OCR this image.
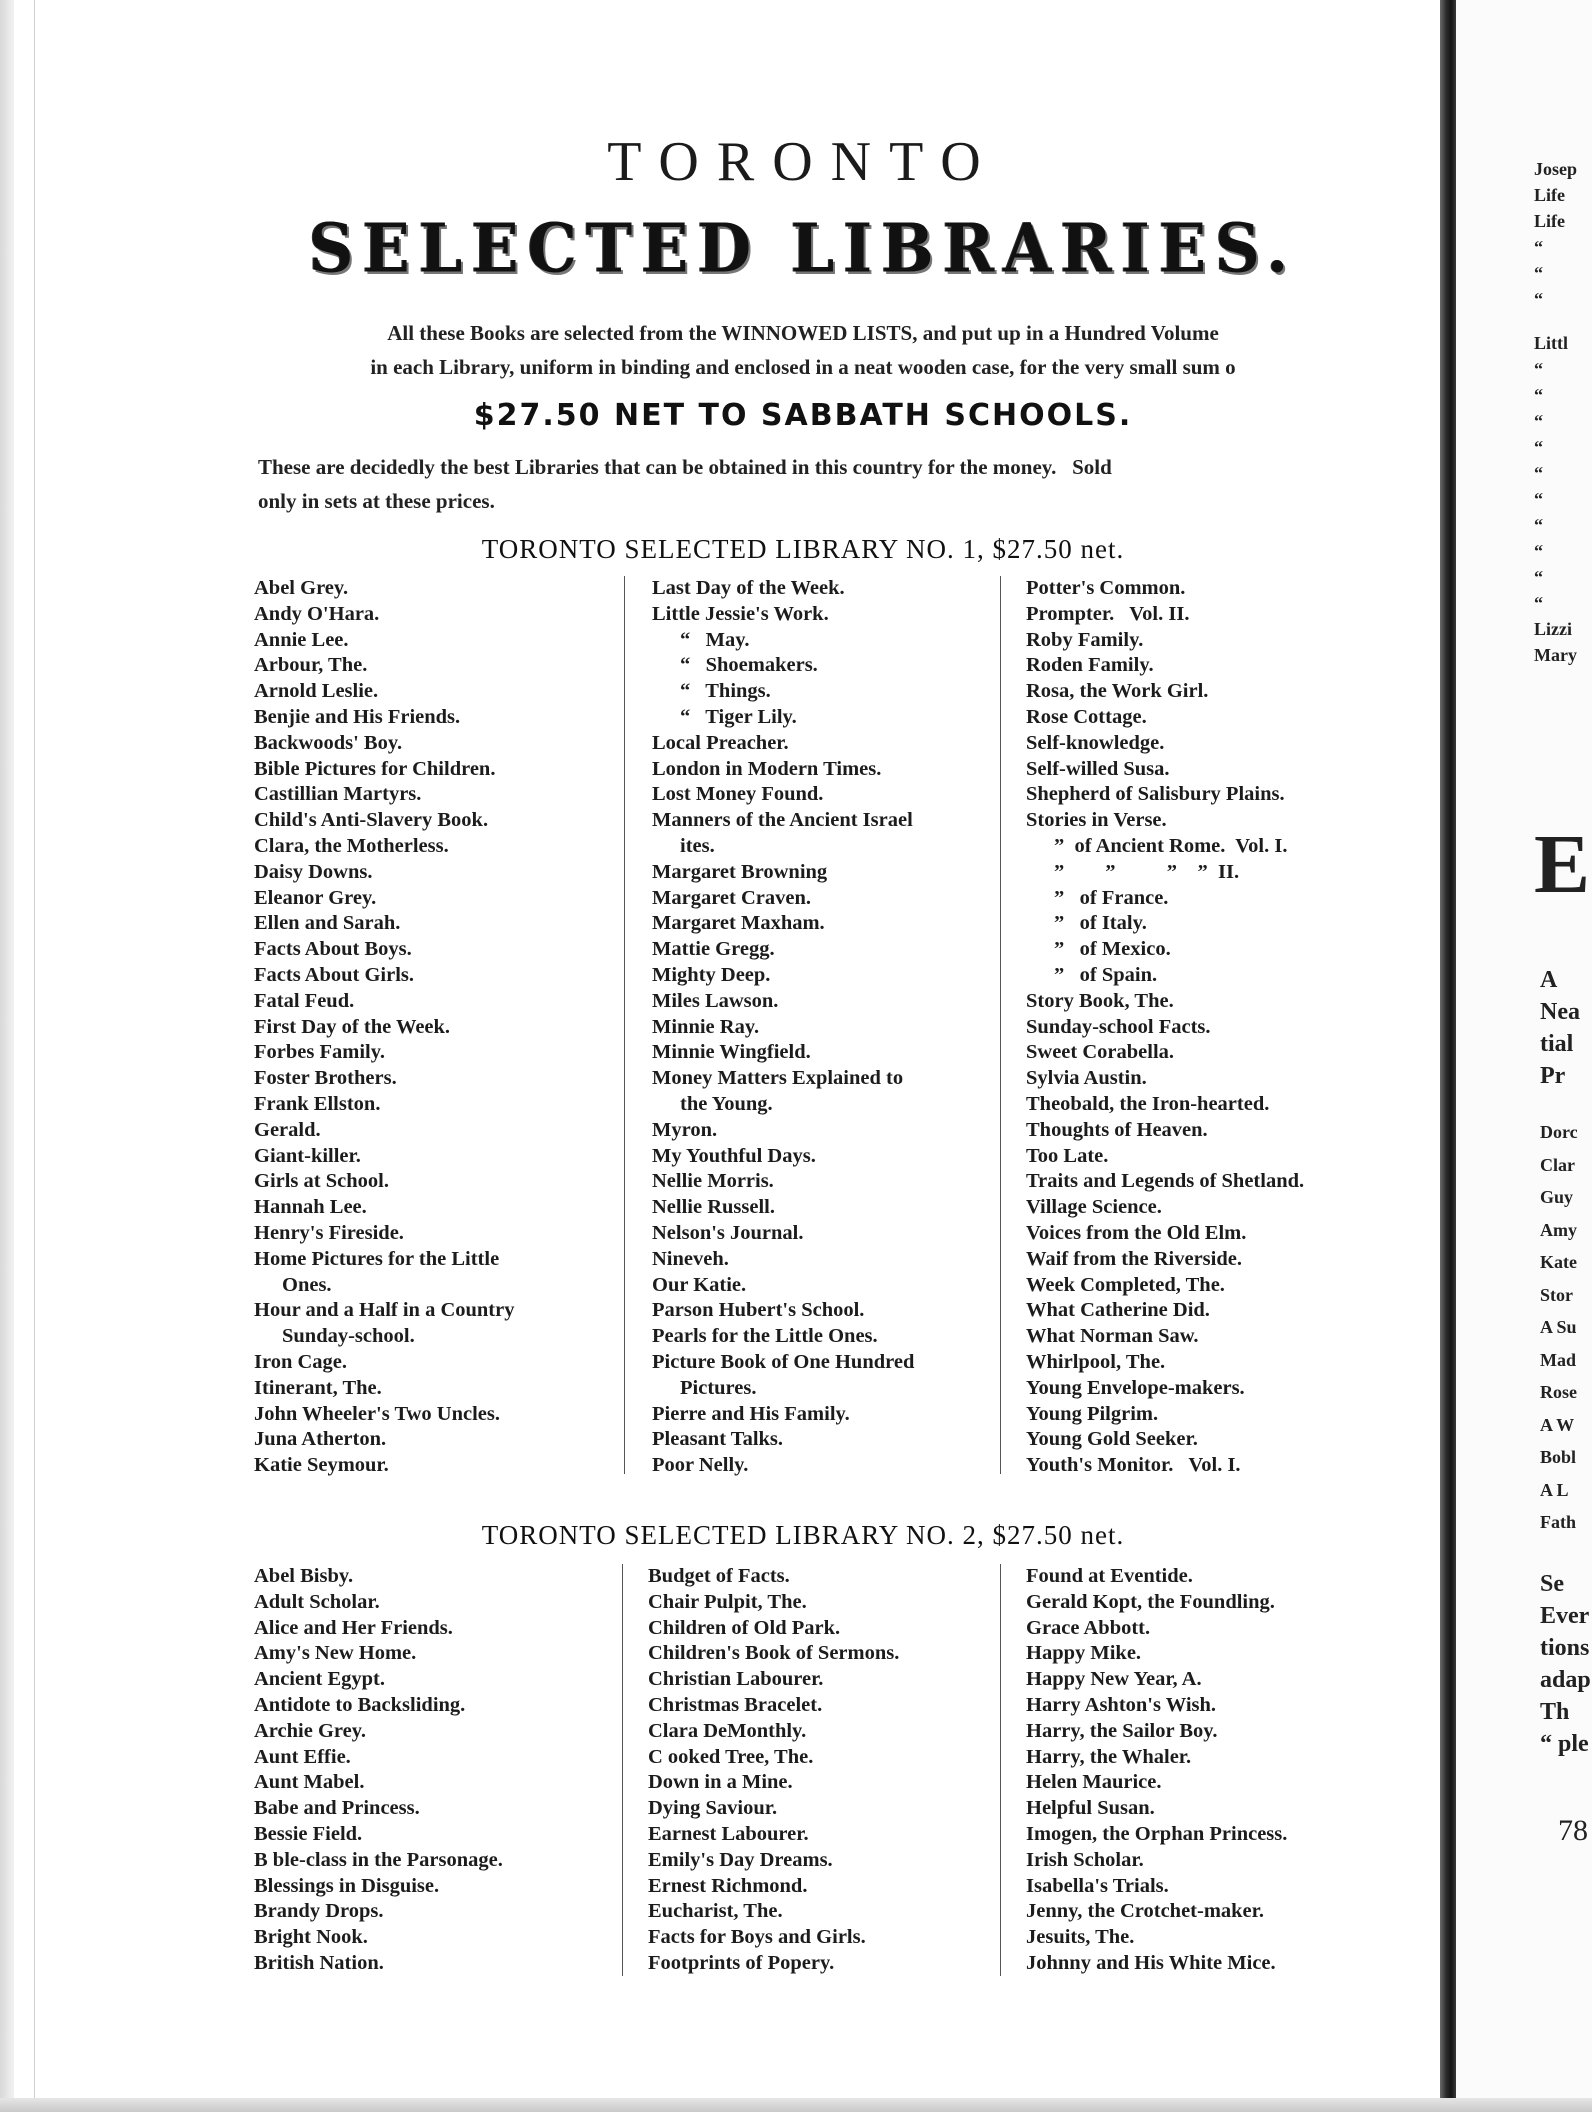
TORONTO
SELECTED LIBRARIES.
All these Books are selected from the WINNOWED LISTS, and put up in a Hundred Volume
in each Library, uniform in binding and enclosed in a neat wooden case, for the very small sum o
$27.50 NET TO SABBATH SCHOOLS.
These are decidedly the best Libraries that can be obtained in this country for the money.   Sold
only in sets at these prices.
TORONTO SELECTED LIBRARY NO. 1, $27.50 net.
Abel Grey.
Andy O'Hara.
Annie Lee.
Arbour, The.
Arnold Leslie.
Benjie and His Friends.
Backwoods' Boy.
Bible Pictures for Children.
Castillian Martyrs.
Child's Anti-Slavery Book.
Clara, the Motherless.
Daisy Downs.
Eleanor Grey.
Ellen and Sarah.
Facts About Boys.
Facts About Girls.
Fatal Feud.
First Day of the Week.
Forbes Family.
Foster Brothers.
Frank Ellston.
Gerald.
Giant-killer.
Girls at School.
Hannah Lee.
Henry's Fireside.
Home Pictures for the Little
Ones.
Hour and a Half in a Country
Sunday-school.
Iron Cage.
Itinerant, The.
John Wheeler's Two Uncles.
Juna Atherton.
Katie Seymour.
Last Day of the Week.
Little Jessie's Work.
“   May.
“   Shoemakers.
“   Things.
“   Tiger Lily.
Local Preacher.
London in Modern Times.
Lost Money Found.
Manners of the Ancient Israel
ites.
Margaret Browning
Margaret Craven.
Margaret Maxham.
Mattie Gregg.
Mighty Deep.
Miles Lawson.
Minnie Ray.
Minnie Wingfield.
Money Matters Explained to
the Young.
Myron.
My Youthful Days.
Nellie Morris.
Nellie Russell.
Nelson's Journal.
Nineveh.
Our Katie.
Parson Hubert's School.
Pearls for the Little Ones.
Picture Book of One Hundred
Pictures.
Pierre and His Family.
Pleasant Talks.
Poor Nelly.
Potter's Common.
Prompter.   Vol. II.
Roby Family.
Roden Family.
Rosa, the Work Girl.
Rose Cottage.
Self-knowledge.
Self-willed Susa.
Shepherd of Salisbury Plains.
Stories in Verse.
”  of Ancient Rome.  Vol. I.
”        ”          ”    ”  II.
”   of France.
”   of Italy.
”   of Mexico.
”   of Spain.
Story Book, The.
Sunday-school Facts.
Sweet Corabella.
Sylvia Austin.
Theobald, the Iron-hearted.
Thoughts of Heaven.
Too Late.
Traits and Legends of Shetland.
Village Science.
Voices from the Old Elm.
Waif from the Riverside.
Week Completed, The.
What Catherine Did.
What Norman Saw.
Whirlpool, The.
Young Envelope-makers.
Young Pilgrim.
Young Gold Seeker.
Youth's Monitor.   Vol. I.
TORONTO SELECTED LIBRARY NO. 2, $27.50 net.
Abel Bisby.
Adult Scholar.
Alice and Her Friends.
Amy's New Home.
Ancient Egypt.
Antidote to Backsliding.
Archie Grey.
Aunt Effie.
Aunt Mabel.
Babe and Princess.
Bessie Field.
B ble-class in the Parsonage.
Blessings in Disguise.
Brandy Drops.
Bright Nook.
British Nation.
Budget of Facts.
Chair Pulpit, The.
Children of Old Park.
Children's Book of Sermons.
Christian Labourer.
Christmas Bracelet.
Clara DeMonthly.
C ooked Tree, The.
Down in a Mine.
Dying Saviour.
Earnest Labourer.
Emily's Day Dreams.
Ernest Richmond.
Eucharist, The.
Facts for Boys and Girls.
Footprints of Popery.
Found at Eventide.
Gerald Kopt, the Foundling.
Grace Abbott.
Happy Mike.
Happy New Year, A.
Harry Ashton's Wish.
Harry, the Sailor Boy.
Harry, the Whaler.
Helen Maurice.
Helpful Susan.
Imogen, the Orphan Princess.
Irish Scholar.
Isabella's Trials.
Jenny, the Crotchet-maker.
Jesuits, The.
Johnny and His White Mice.
Josep
Life
Life
“
“
“
Littl
“
“
“
“
“
“
“
“
“
“
Lizzi
Mary
E
A
Nea
tial
Pr
Dorc
Clar
Guy
Amy
Kate
Stor
A Su
Mad
Rose
A W
Bobl
A L
Fath
Se
Ever
tions
adap
Th
“ ple
78
